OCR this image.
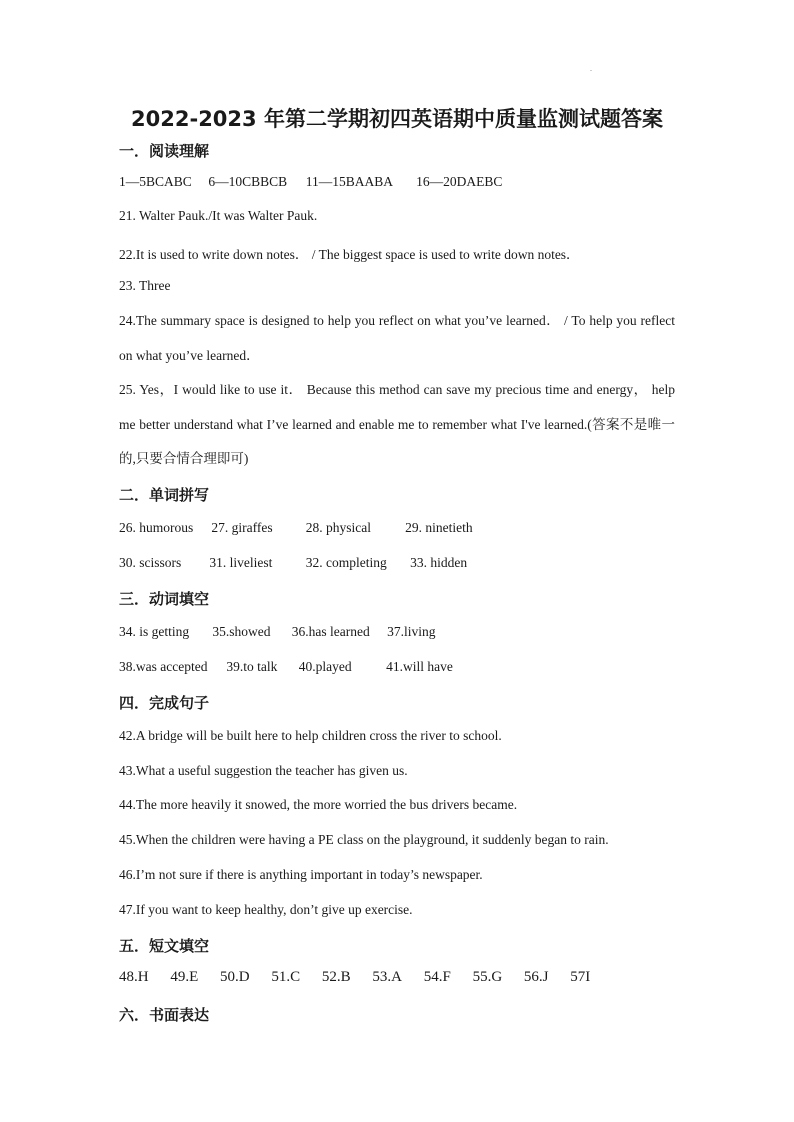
2022-2023 年第二学期初四英语期中质量监测试题答案
一．阅读理解
1—5BCABC 6—10CBBCB 11—15BAABA 16—20DAEBC
21. Walter Pauk./It was Walter Pauk.
22.It is used to write down notes． / The biggest space is used to write down notes．
23. Three
24.The summary space is designed to help you reflect on what you’ve learned． / To help you reflect on what you’ve learned．
25. Yes，I would like to use it． Because this method can save my precious time and energy， help me better understand what I’ve learned and enable me to remember what I've learned.(答案不是唯一的,只要合情合理即可)
二．单词拼写
26. humorous 27. giraffes 28. physical	29. ninetieth
30. scissors 31. liveliest 32. completing 33. hidden
三．动词填空
34. is getting 35.showed 36.has learned 37.living
38.was accepted 39.to talk 40.played	41.will have
四．完成句子
42.A bridge will be built here to help children cross the river to school.
43.What a useful suggestion the teacher has given us.
44.The more heavily it snowed, the more worried the bus drivers became.
45.When the children were having a PE class on the playground, it suddenly began to rain.
46.I’m not sure if there is anything important in today’s newspaper.
47.If you want to keep healthy, don’t give up exercise.
五．短文填空
48.H 49.E 50.D 51.C 52.B 53.A 54.F 55.G 56.J 57I
六．书面表达
